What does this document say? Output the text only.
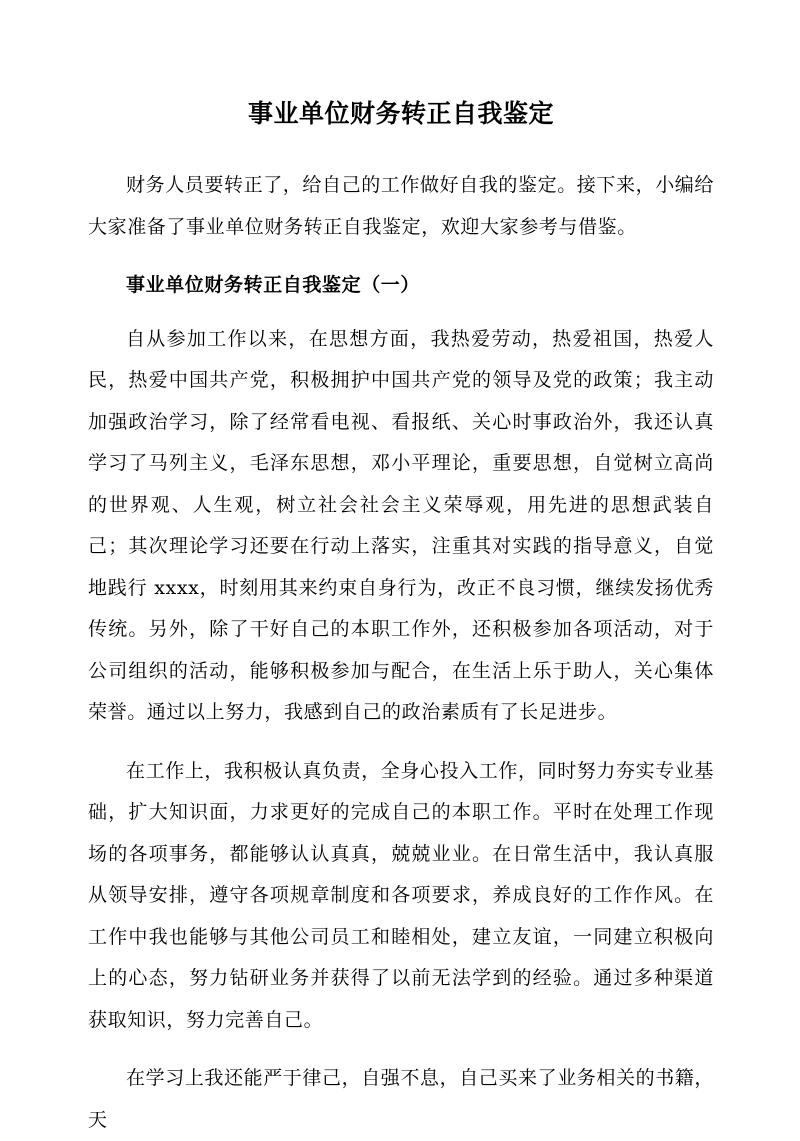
事业单位财务转正自我鉴定

财务人员要转正了，给自己的工作做好自我的鉴定。接下来，小编给大家准备了事业单位财务转正自我鉴定，欢迎大家参考与借鉴。

事业单位财务转正自我鉴定（一）

自从参加工作以来，在思想方面，我热爱劳动，热爱祖国，热爱人民，热爱中国共产党，积极拥护中国共产党的领导及党的政策；我主动加强政治学习，除了经常看电视、看报纸、关心时事政治外，我还认真学习了马列主义，毛泽东思想，邓小平理论，重要思想，自觉树立高尚的世界观、人生观，树立社会社会主义荣辱观，用先进的思想武装自己；其次理论学习还要在行动上落实，注重其对实践的指导意义，自觉地践行 xxxx，时刻用其来约束自身行为，改正不良习惯，继续发扬优秀传统。另外，除了干好自己的本职工作外，还积极参加各项活动，对于公司组织的活动，能够积极参加与配合，在生活上乐于助人，关心集体荣誉。通过以上努力，我感到自己的政治素质有了长足进步。

在工作上，我积极认真负责，全身心投入工作，同时努力夯实专业基础，扩大知识面，力求更好的完成自己的本职工作。平时在处理工作现场的各项事务，都能够认认真真，兢兢业业。在日常生活中，我认真服从领导安排，遵守各项规章制度和各项要求，养成良好的工作作风。在工作中我也能够与其他公司员工和睦相处，建立友谊，一同建立积极向上的心态，努力钻研业务并获得了以前无法学到的经验。通过多种渠道获取知识，努力完善自己。

在学习上我还能严于律己，自强不息，自己买来了业务相关的书籍，天
